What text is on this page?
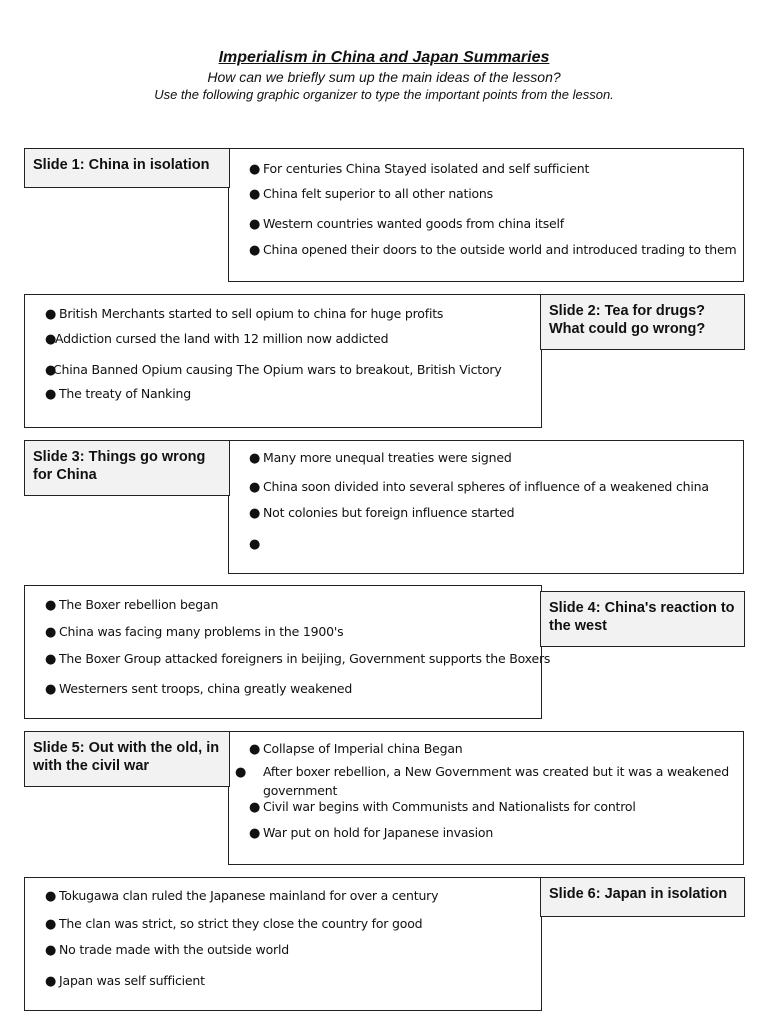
Imperialism in China and Japan Summaries

How can we briefly sum up the main ideas of the lesson?

Use the following graphic organizer to type the important points from the lesson.

● For centuries China Stayed isolated and self sufficient
● China felt superior to all other nations
● Western countries wanted goods from china itself
● China opened their doors to the outside world and introduced trading to them
Slide 1: China in isolation
● British Merchants started to sell opium to china for huge profits
●Addiction cursed the land with 12 million now addicted
●China Banned Opium causing The Opium wars to breakout, British Victory
● The treaty of Nanking
Slide 2: Tea for drugs? What could go wrong?
● Many more unequal treaties were signed
● China soon divided into several spheres of influence of a weakened china
● Not colonies but foreign influence started
●
Slide 3: Things go wrong for China
● The Boxer rebellion began
● China was facing many problems in the 1900's
● The Boxer Group attacked foreigners in beijing, Government supports the Boxers
● Westerners sent troops, china greatly weakened
Slide 4: China's reaction to the west
● Collapse of Imperial china Began
● After boxer rebellion, a New Government was created but it was a weakened government
● Civil war begins with Communists and Nationalists for control
● War put on hold for Japanese invasion
Slide 5: Out with the old, in with the civil war
● Tokugawa clan ruled the Japanese mainland for over a century
● The clan was strict, so strict they close the country for good
● No trade made with the outside world
● Japan was self sufficient
Slide 6: Japan in isolation
